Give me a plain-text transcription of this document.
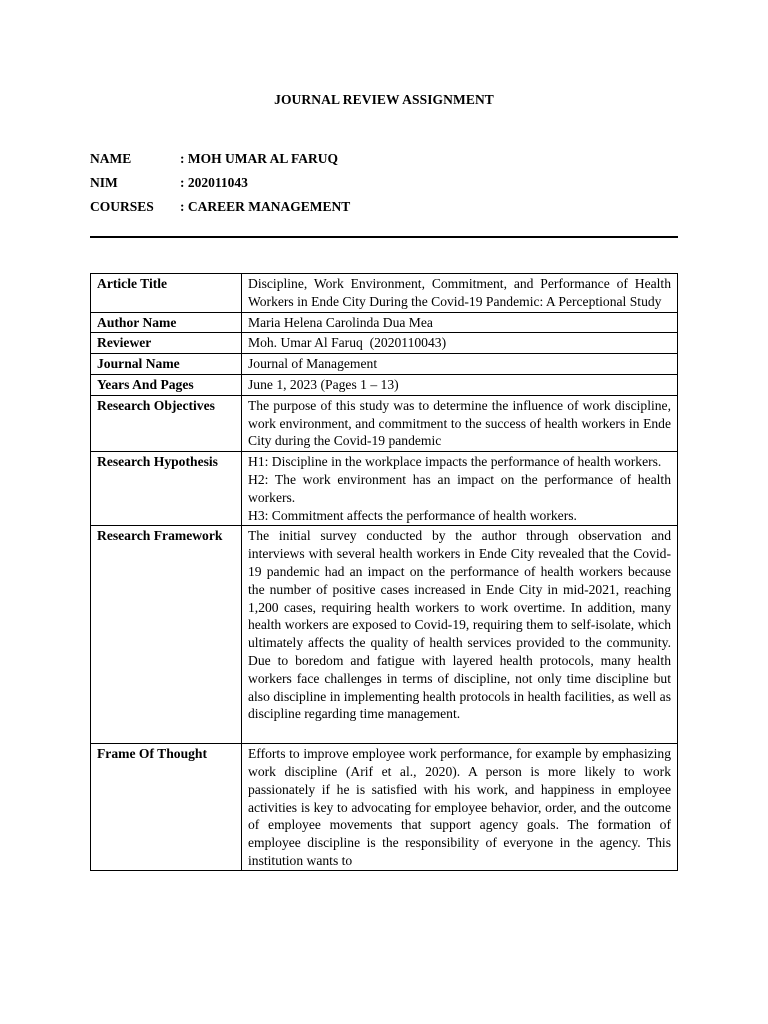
JOURNAL REVIEW ASSIGNMENT
NAME	: MOH UMAR AL FARUQ
NIM	: 202011043
COURSES : CAREER MANAGEMENT
Article Title	Discipline, Work Environment, Commitment, and Performance of Health Workers in Ende City During the Covid-19 Pandemic: A Perceptional Study
Author Name	Maria Helena Carolinda Dua Mea
Reviewer	Moh. Umar Al Faruq  (2020110043)
Journal Name	Journal of Management
Years And Pages	June 1, 2023 (Pages 1 – 13)
Research Objectives	The purpose of this study was to determine the influence of work discipline, work environment, and commitment to the success of health workers in Ende City during the Covid-19 pandemic
Research Hypothesis	H1: Discipline in the workplace impacts the performance of health workers.

H2: The work environment has an impact on the performance of health workers.

H3: Commitment affects the performance of health workers.

Research Framework	The initial survey conducted by the author through observation and interviews with several health workers in Ende City revealed that the Covid-19 pandemic had an impact on the performance of health workers because the number of positive cases increased in Ende City in mid-2021, reaching 1,200 cases, requiring health workers to work overtime. In addition, many health workers are exposed to Covid-19, requiring them to self-isolate, which ultimately affects the quality of health services provided to the community. Due to boredom and fatigue with layered health protocols, many health workers face challenges in terms of discipline, not only time discipline but also discipline in implementing health protocols in health facilities, as well as discipline regarding time management.
Frame Of Thought	Efforts to improve employee work performance, for example by emphasizing work discipline (Arif et al., 2020). A person is more likely to work passionately if he is satisfied with his work, and happiness in employee activities is key to advocating for employee behavior, order, and the outcome of employee movements that support agency goals. The formation of employee discipline is the responsibility of everyone in the agency. This institution wants to
